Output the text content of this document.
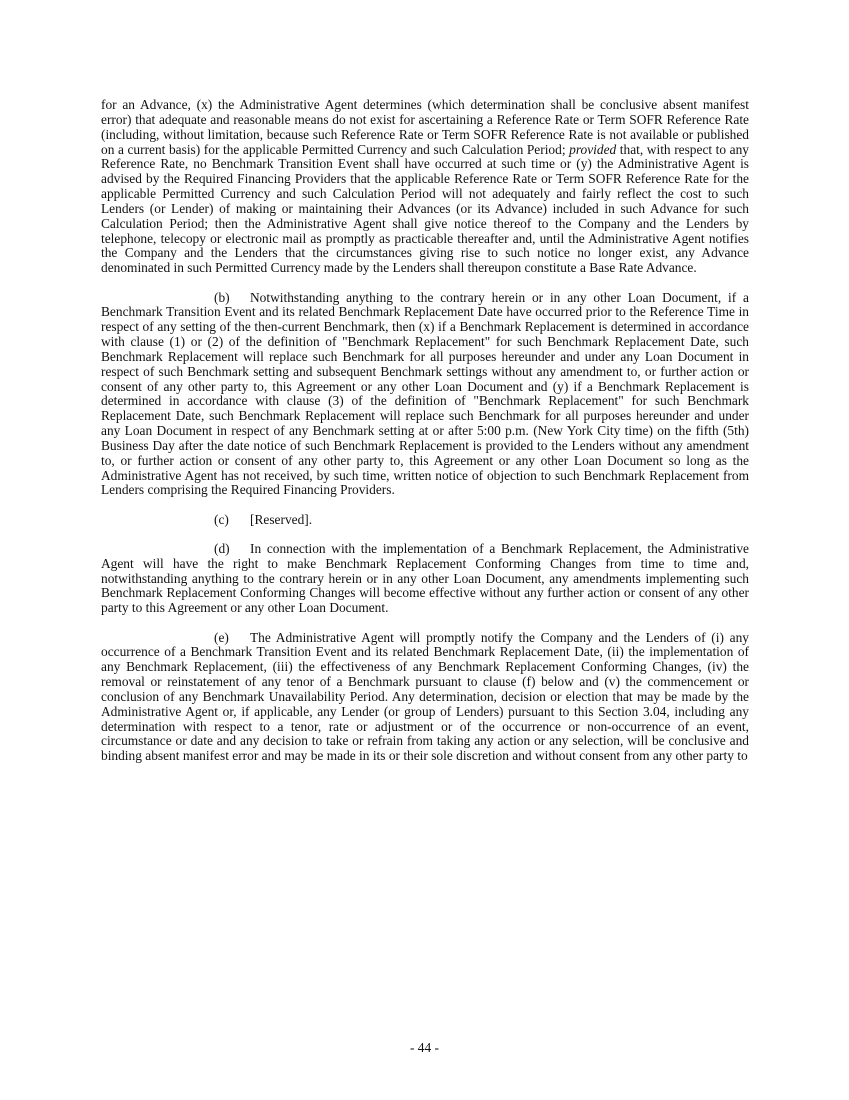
for an Advance, (x) the Administrative Agent determines (which determination shall be conclusive absent manifest error) that adequate and reasonable means do not exist for ascertaining a Reference Rate or Term SOFR Reference Rate (including, without limitation, because such Reference Rate or Term SOFR Reference Rate is not available or published on a current basis) for the applicable Permitted Currency and such Calculation Period; provided that, with respect to any Reference Rate, no Benchmark Transition Event shall have occurred at such time or (y) the Administrative Agent is advised by the Required Financing Providers that the applicable Reference Rate or Term SOFR Reference Rate for the applicable Permitted Currency and such Calculation Period will not adequately and fairly reflect the cost to such Lenders (or Lender) of making or maintaining their Advances (or its Advance) included in such Advance for such Calculation Period; then the Administrative Agent shall give notice thereof to the Company and the Lenders by telephone, telecopy or electronic mail as promptly as practicable thereafter and, until the Administrative Agent notifies the Company and the Lenders that the circumstances giving rise to such notice no longer exist, any Advance denominated in such Permitted Currency made by the Lenders shall thereupon constitute a Base Rate Advance.

(b) Notwithstanding anything to the contrary herein or in any other Loan Document, if a Benchmark Transition Event and its related Benchmark Replacement Date have occurred prior to the Reference Time in respect of any setting of the then-current Benchmark, then (x) if a Benchmark Replacement is determined in accordance with clause (1) or (2) of the definition of "Benchmark Replacement" for such Benchmark Replacement Date, such Benchmark Replacement will replace such Benchmark for all purposes hereunder and under any Loan Document in respect of such Benchmark setting and subsequent Benchmark settings without any amendment to, or further action or consent of any other party to, this Agreement or any other Loan Document and (y) if a Benchmark Replacement is determined in accordance with clause (3) of the definition of "Benchmark Replacement" for such Benchmark Replacement Date, such Benchmark Replacement will replace such Benchmark for all purposes hereunder and under any Loan Document in respect of any Benchmark setting at or after 5:00 p.m. (New York City time) on the fifth (5th) Business Day after the date notice of such Benchmark Replacement is provided to the Lenders without any amendment to, or further action or consent of any other party to, this Agreement or any other Loan Document so long as the Administrative Agent has not received, by such time, written notice of objection to such Benchmark Replacement from Lenders comprising the Required Financing Providers.

(c) [Reserved].

(d) In connection with the implementation of a Benchmark Replacement, the Administrative Agent will have the right to make Benchmark Replacement Conforming Changes from time to time and, notwithstanding anything to the contrary herein or in any other Loan Document, any amendments implementing such Benchmark Replacement Conforming Changes will become effective without any further action or consent of any other party to this Agreement or any other Loan Document.

(e) The Administrative Agent will promptly notify the Company and the Lenders of (i) any occurrence of a Benchmark Transition Event and its related Benchmark Replacement Date, (ii) the implementation of any Benchmark Replacement, (iii) the effectiveness of any Benchmark Replacement Conforming Changes, (iv) the removal or reinstatement of any tenor of a Benchmark pursuant to clause (f) below and (v) the commencement or conclusion of any Benchmark Unavailability Period. Any determination, decision or election that may be made by the Administrative Agent or, if applicable, any Lender (or group of Lenders) pursuant to this Section 3.04, including any determination with respect to a tenor, rate or adjustment or of the occurrence or non-occurrence of an event, circumstance or date and any decision to take or refrain from taking any action or any selection, will be conclusive and binding absent manifest error and may be made in its or their sole discretion and without consent from any other party to

- 44 -
